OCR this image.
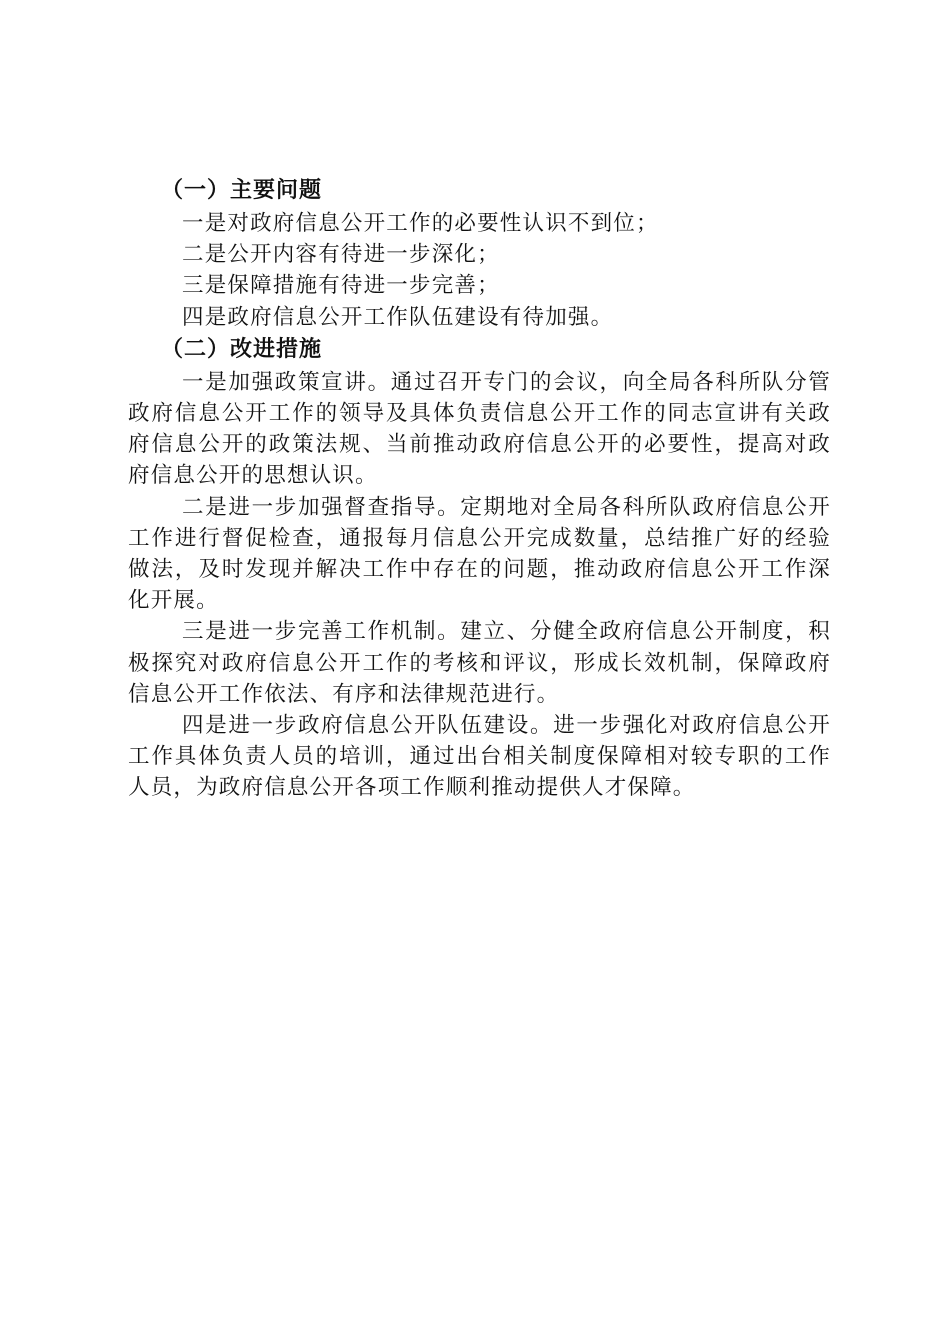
（一）主要问题

一是对政府信息公开工作的必要性认识不到位；

二是公开内容有待进一步深化；

三是保障措施有待进一步完善；

四是政府信息公开工作队伍建设有待加强。

（二）改进措施

一是加强政策宣讲。通过召开专门的会议，向全局各科所队分管政府信息公开工作的领导及具体负责信息公开工作的同志宣讲有关政府信息公开的政策法规、当前推动政府信息公开的必要性，提高对政府信息公开的思想认识。

二是进一步加强督查指导。定期地对全局各科所队政府信息公开工作进行督促检查，通报每月信息公开完成数量，总结推广好的经验做法，及时发现并解决工作中存在的问题，推动政府信息公开工作深化开展。

三是进一步完善工作机制。建立、分健全政府信息公开制度，积极探究对政府信息公开工作的考核和评议，形成长效机制，保障政府信息公开工作依法、有序和法律规范进行。

四是进一步政府信息公开队伍建设。进一步强化对政府信息公开工作具体负责人员的培训，通过出台相关制度保障相对较专职的工作人员，为政府信息公开各项工作顺利推动提供人才保障。
